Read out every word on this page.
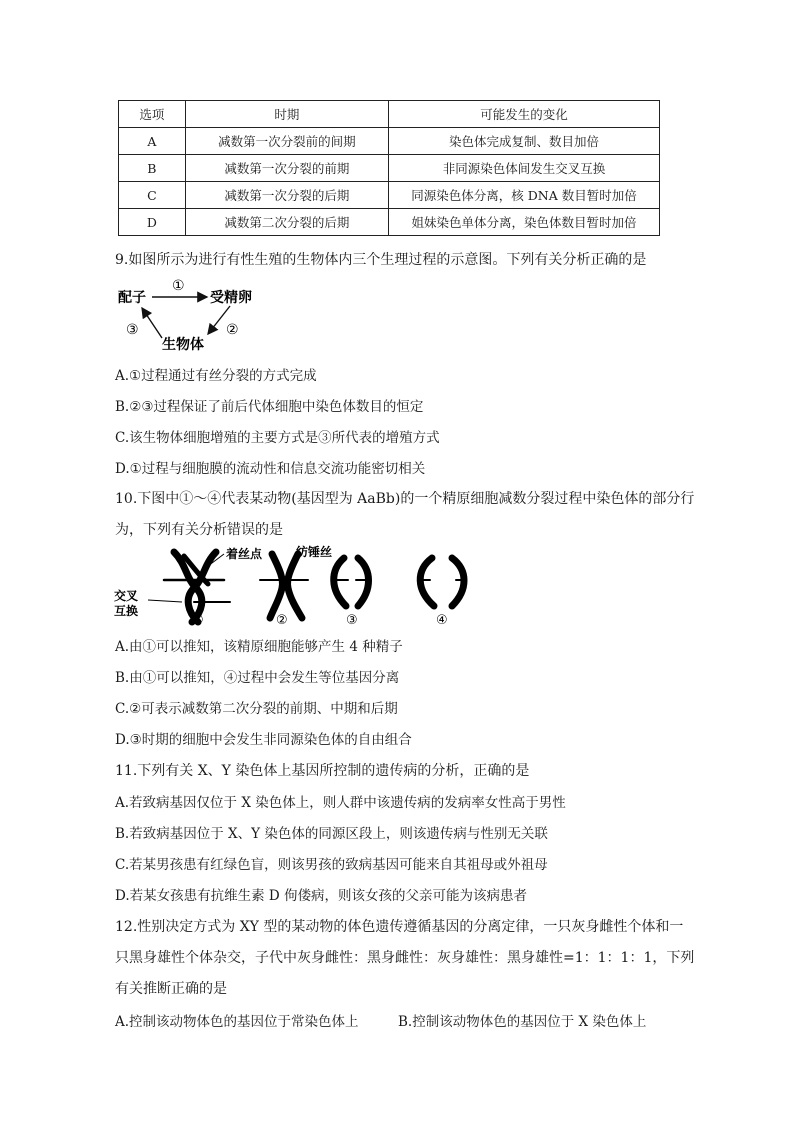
选项	时期	可能发生的变化
A	减数第一次分裂前的间期	染色体完成复制、数目加倍
B	减数第一次分裂的前期	非同源染色体间发生交叉互换
C	减数第一次分裂的后期	同源染色体分离，核 DNA 数目暂时加倍
D	减数第二次分裂的后期	姐妹染色单体分离，染色体数目暂时加倍
9.如图所示为进行有性生殖的生物体内三个生理过程的示意图。下列有关分析正确的是
配子	受精卵
生物体
①
②
③
A.①过程通过有丝分裂的方式完成
B.②③过程保证了前后代体细胞中染色体数目的恒定
C.该生物体细胞增殖的主要方式是③所代表的增殖方式
D.①过程与细胞膜的流动性和信息交流功能密切相关
10.下图中①～④代表某动物(基因型为 AaBb)的一个精原细胞减数分裂过程中染色体的部分行
为，下列有关分析错误的是
着丝点
交叉
互换
①
纺锤丝
②	③	④
A.由①可以推知，该精原细胞能够产生 4 种精子
B.由①可以推知，④过程中会发生等位基因分离
C.②可表示减数第二次分裂的前期、中期和后期
D.③时期的细胞中会发生非同源染色体的自由组合
11.下列有关 X、Y 染色体上基因所控制的遗传病的分析，正确的是
A.若致病基因仅位于 X 染色体上，则人群中该遗传病的发病率女性高于男性
B.若致病基因位于 X、Y 染色体的同源区段上，则该遗传病与性别无关联
C.若某男孩患有红绿色盲，则该男孩的致病基因可能来自其祖母或外祖母
D.若某女孩患有抗维生素 D 佝偻病，则该女孩的父亲可能为该病患者
12.性别决定方式为 XY 型的某动物的体色遗传遵循基因的分离定律，一只灰身雌性个体和一
只黑身雄性个体杂交，子代中灰身雌性：黑身雌性：灰身雄性：黑身雄性=1：1：1：1，下列
有关推断正确的是
A.控制该动物体色的基因位于常染色体上	B.控制该动物体色的基因位于 X 染色体上
